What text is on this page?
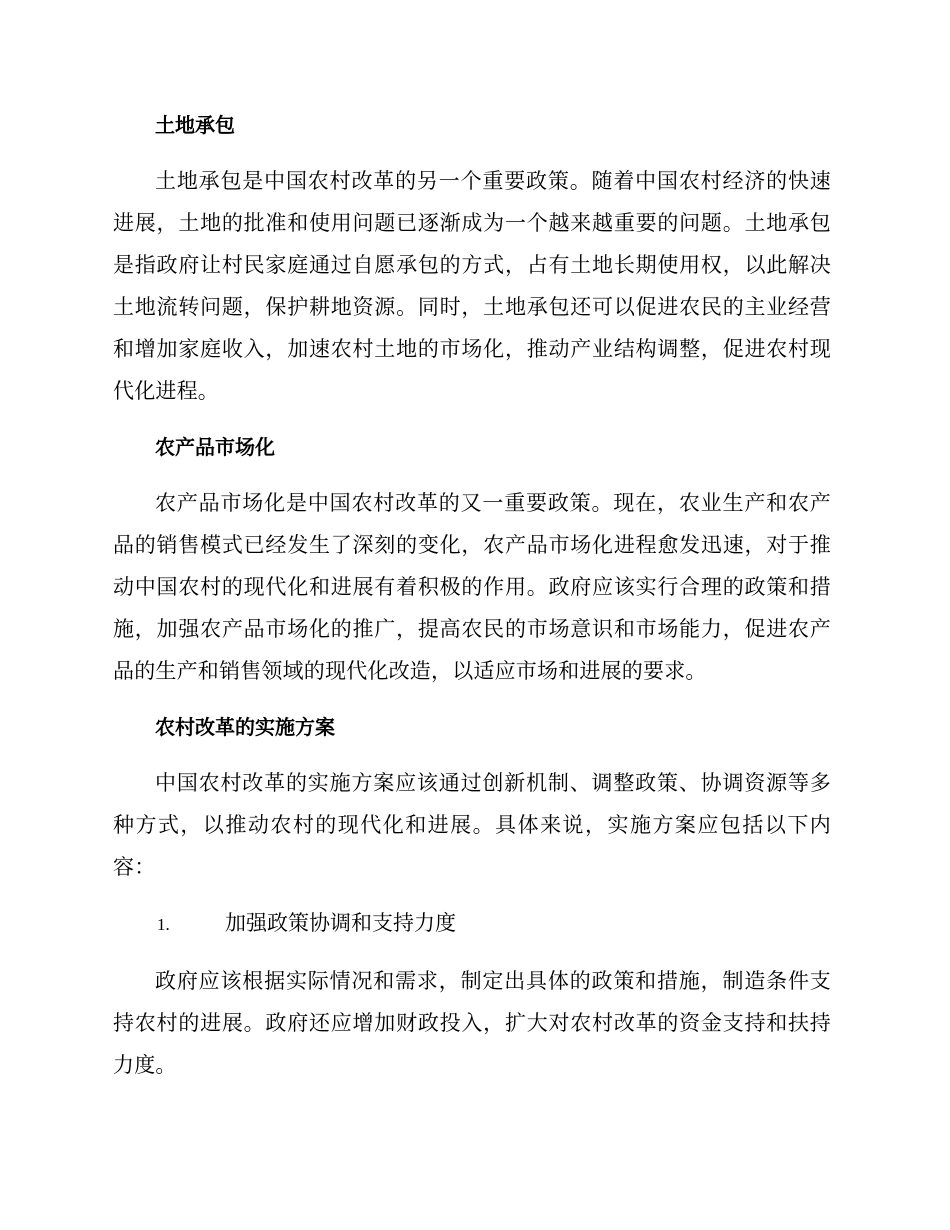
土地承包

土地承包是中国农村改革的另一个重要政策。随着中国农村经济的快速进展，土地的批准和使用问题已逐渐成为一个越来越重要的问题。土地承包是指政府让村民家庭通过自愿承包的方式，占有土地长期使用权，以此解决土地流转问题，保护耕地资源。同时，土地承包还可以促进农民的主业经营和增加家庭收入，加速农村土地的市场化，推动产业结构调整，促进农村现代化进程。

农产品市场化

农产品市场化是中国农村改革的又一重要政策。现在，农业生产和农产品的销售模式已经发生了深刻的变化，农产品市场化进程愈发迅速，对于推动中国农村的现代化和进展有着积极的作用。政府应该实行合理的政策和措施，加强农产品市场化的推广，提高农民的市场意识和市场能力，促进农产品的生产和销售领域的现代化改造，以适应市场和进展的要求。

农村改革的实施方案

中国农村改革的实施方案应该通过创新机制、调整政策、协调资源等多种方式，以推动农村的现代化和进展。具体来说，实施方案应包括以下内容：

1.	加强政策协调和支持力度

政府应该根据实际情况和需求，制定出具体的政策和措施，制造条件支持农村的进展。政府还应增加财政投入，扩大对农村改革的资金支持和扶持力度。
